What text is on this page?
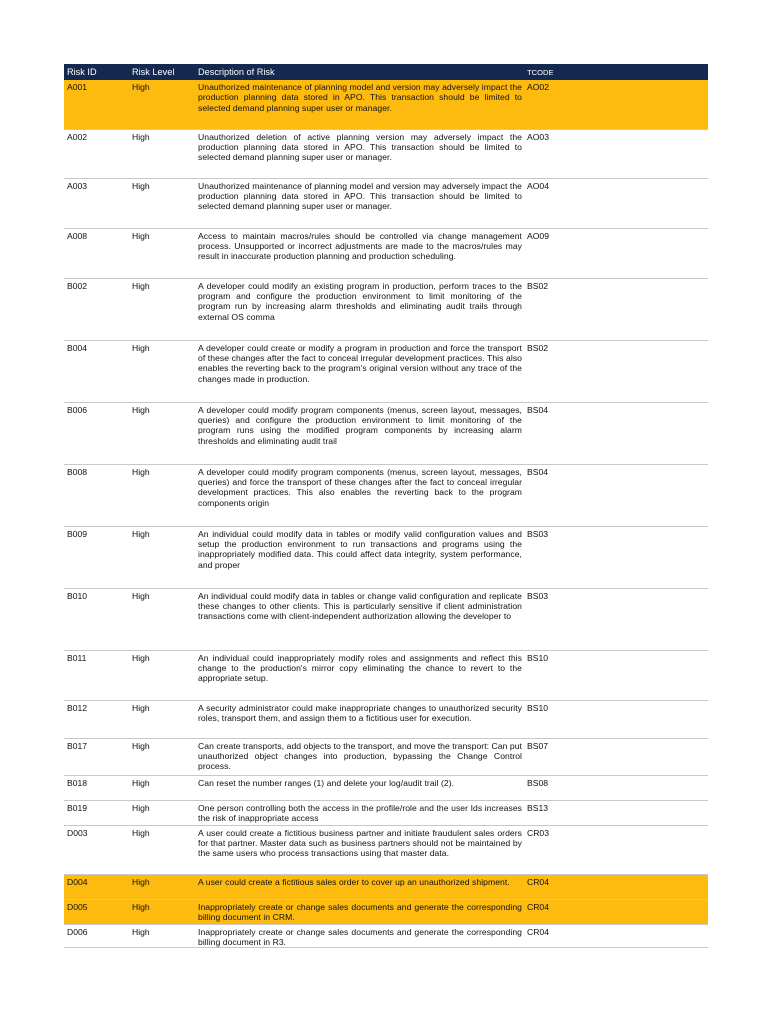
Risk ID	Risk Level	Description of Risk	TCODE
A001	High	Unauthorized maintenance of planning model and version may adversely impact the production planning data stored in APO. This transaction should be limited to selected demand planning super user or manager.	AO02
A002	High	Unauthorized deletion of active planning version may adversely impact the production planning data stored in APO. This transaction should be limited to selected demand planning super user or manager.	AO03
A003	High	Unauthorized maintenance of planning model and version may adversely impact the production planning data stored in APO. This transaction should be limited to selected demand planning super user or manager.	AO04
A008	High	Access to maintain macros/rules should be controlled via change management process. Unsupported or incorrect adjustments are made to the macros/rules may result in inaccurate production planning and production scheduling.	AO09
B002	High	A developer could modify an existing program in production, perform traces to the program and configure the production environment to limit monitoring of the program run by increasing alarm thresholds and eliminating audit trails through external OS comma	BS02
B004	High	A developer could create or modify a program in production and force the transport of these changes after the fact to conceal irregular development practices. This also enables the reverting back to the program's original version without any trace of the changes made in production.	BS02
B006	High	A developer could modify program components (menus, screen layout, messages, queries) and configure the production environment to limit monitoring of the program runs using the modified program components by increasing alarm thresholds and eliminating audit trail	BS04
B008	High	A developer could modify program components (menus, screen layout, messages, queries) and force the transport of these changes after the fact to conceal irregular development practices. This also enables the reverting back to the program components origin	BS04
B009	High	An individual could modify data in tables or modify valid configuration values and setup the production environment to run transactions and programs using the inappropriately modified data. This could affect data integrity, system performance, and proper	BS03
B010	High	An individual could modify data in tables or change valid configuration and replicate these changes to other clients. This is particularly sensitive if client administration transactions come with client-independent authorization allowing the developer to	BS03
B011	High	An individual could inappropriately modify roles and assignments and reflect this change to the production's mirror copy eliminating the chance to revert to the appropriate setup.	BS10
B012	High	A security administrator could make inappropriate changes to unauthorized security roles, transport them, and assign them to a fictitious user for execution.	BS10
B017	High	Can create transports, add objects to the transport, and move the transport: Can put unauthorized object changes into production, bypassing the Change Control process.	BS07
B018	High	Can reset the number ranges (1) and delete your log/audit trail (2).	BS08
B019	High	One person controlling both the access in the profile/role and the user Ids increases the risk of inappropriate access	BS13
D003	High	A user could create a fictitious business partner and initiate fraudulent sales orders for that partner. Master data such as business partners should not be maintained by the same users who process transactions using that master data.	CR03
D004	High	A user could create a fictitious sales order to cover up an unauthorized shipment.	CR04
D005	High	Inappropriately create or change sales documents and generate the corresponding billing document in CRM.	CR04
D006	High	Inappropriately create or change sales documents and generate the corresponding billing document in R3.	CR04
